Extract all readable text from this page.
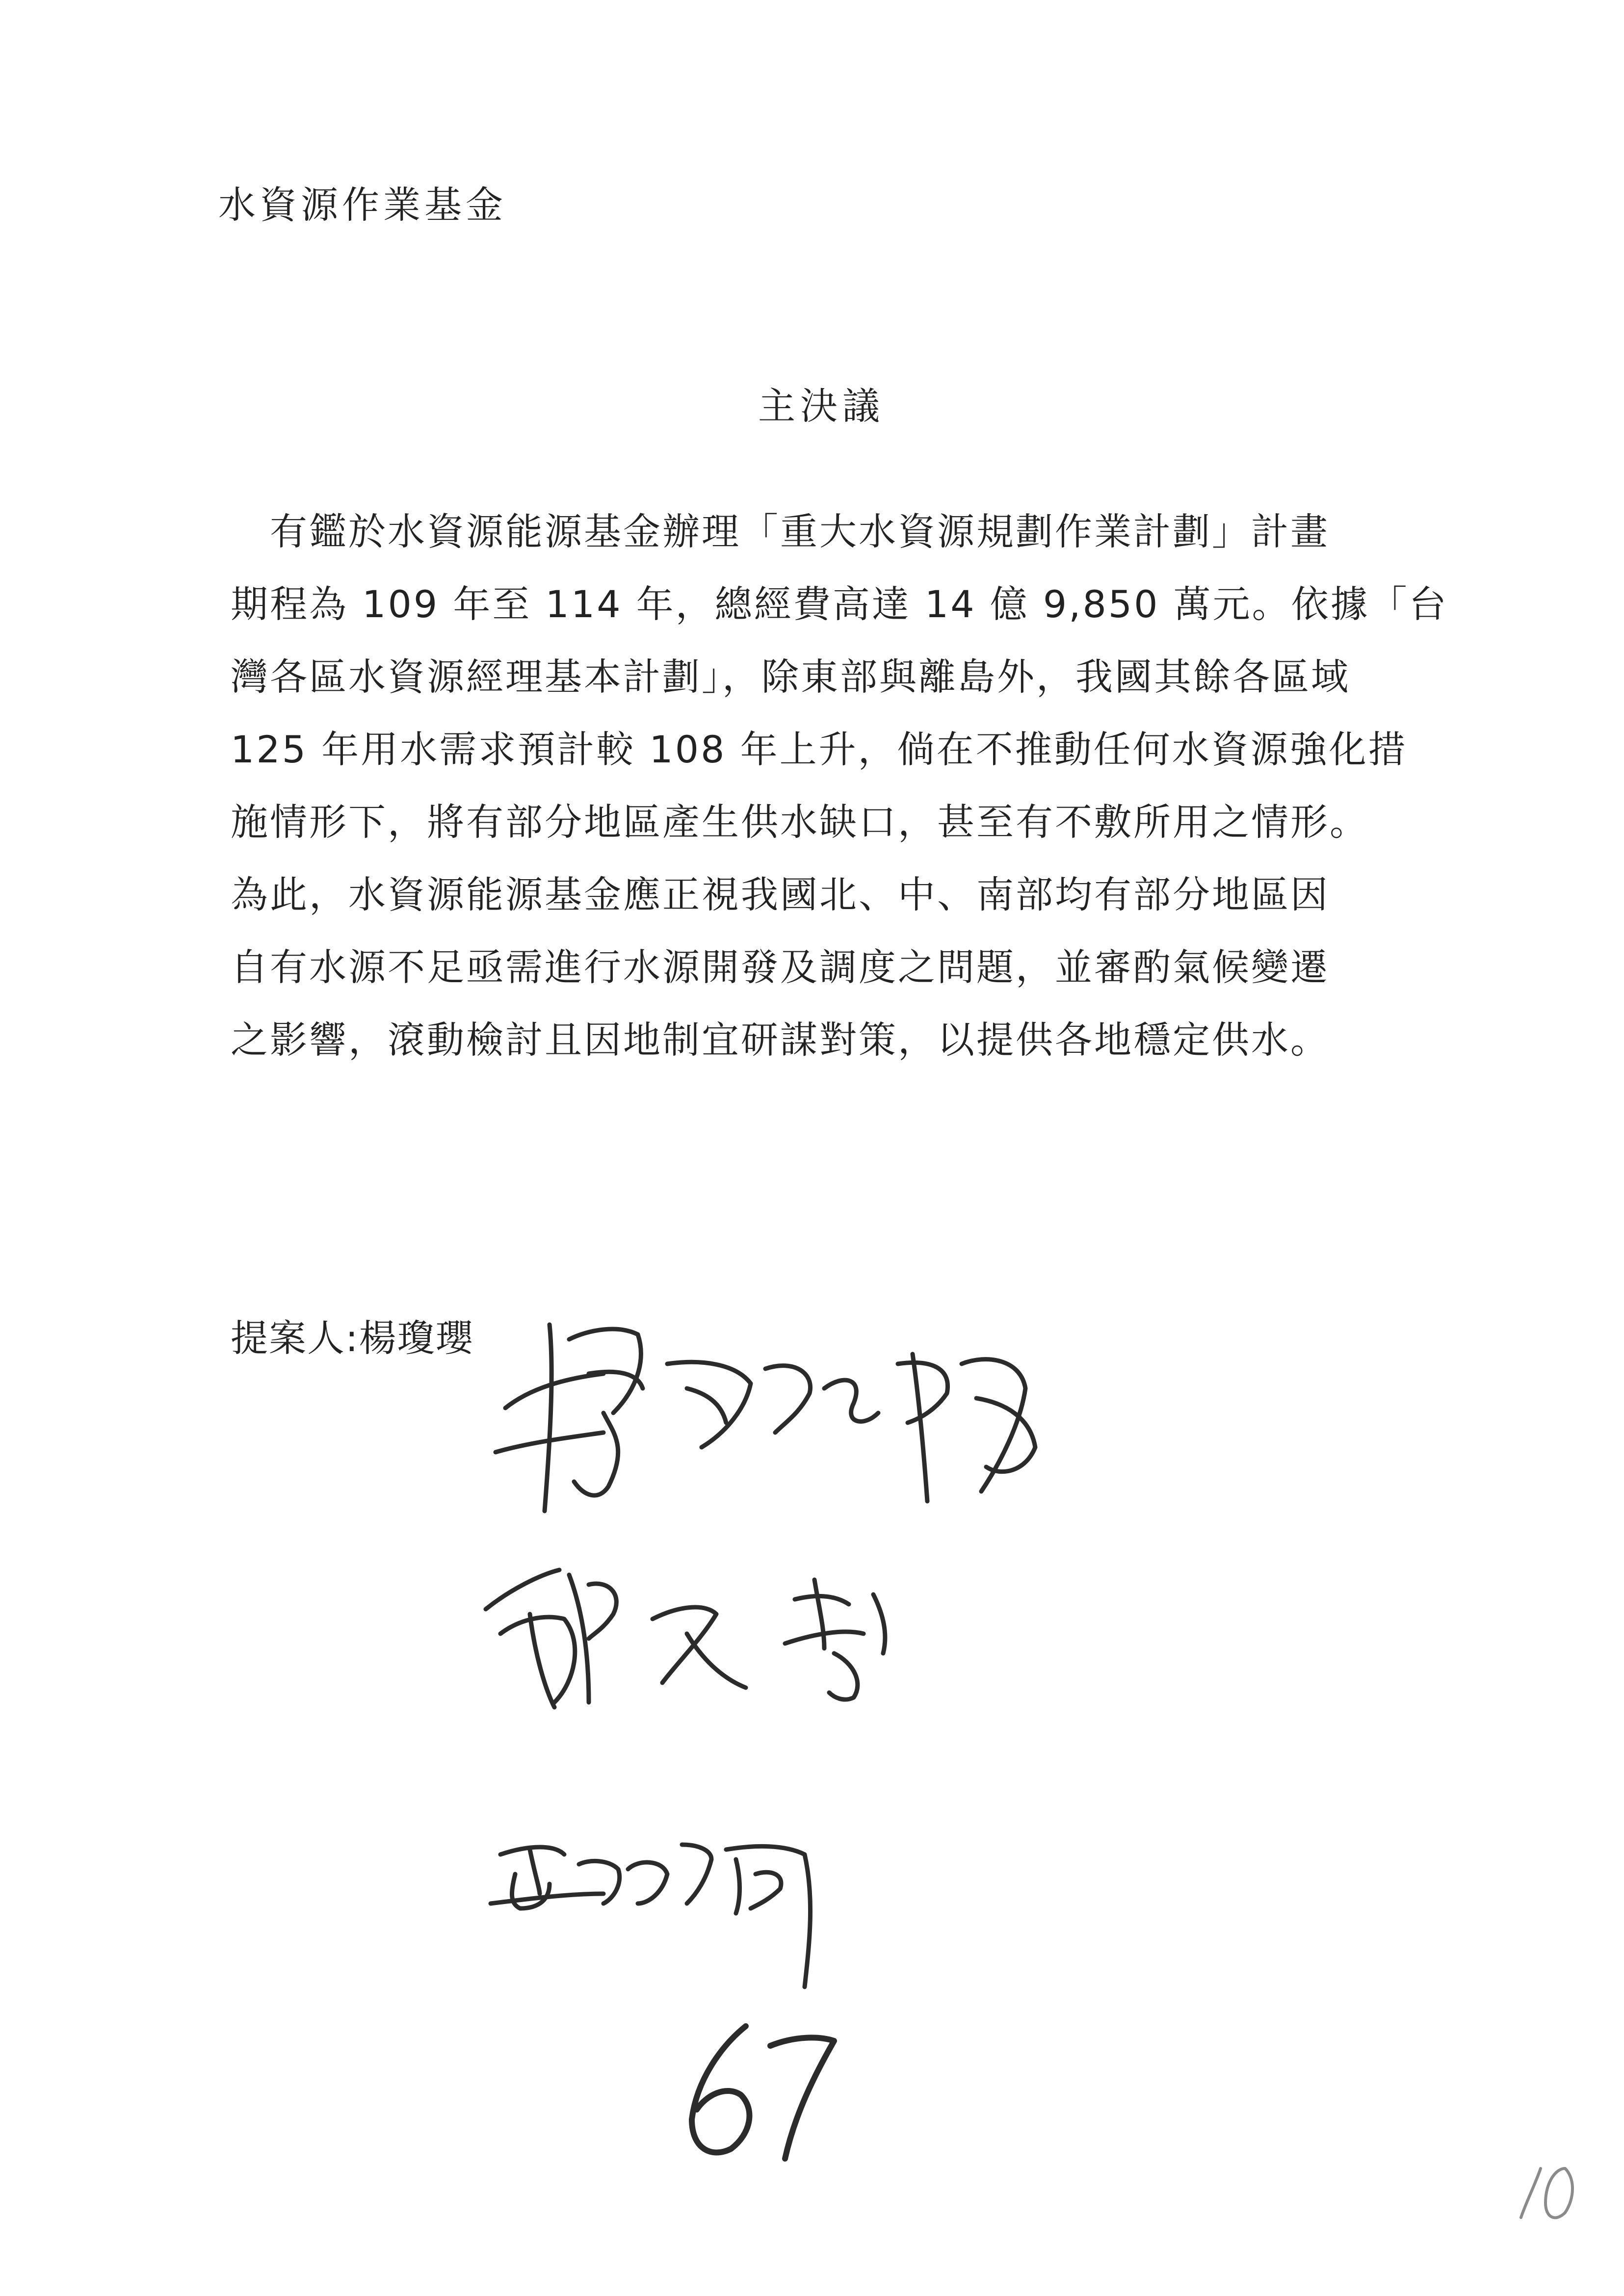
水資源作業基金
主決議
　有鑑於水資源能源基金辦理「重大水資源規劃作業計劃」計畫
期程為 109 年至 114 年，總經費高達 14 億 9,850 萬元。依據「台
灣各區水資源經理基本計劃」，除東部與離島外，我國其餘各區域
125 年用水需求預計較 108 年上升，倘在不推動任何水資源強化措
施情形下，將有部分地區產生供水缺口，甚至有不敷所用之情形。
為此，水資源能源基金應正視我國北、中、南部均有部分地區因
自有水源不足亟需進行水源開發及調度之問題，並審酌氣候變遷
之影響，滾動檢討且因地制宜研謀對策，以提供各地穩定供水。
提案人:楊瓊瓔
